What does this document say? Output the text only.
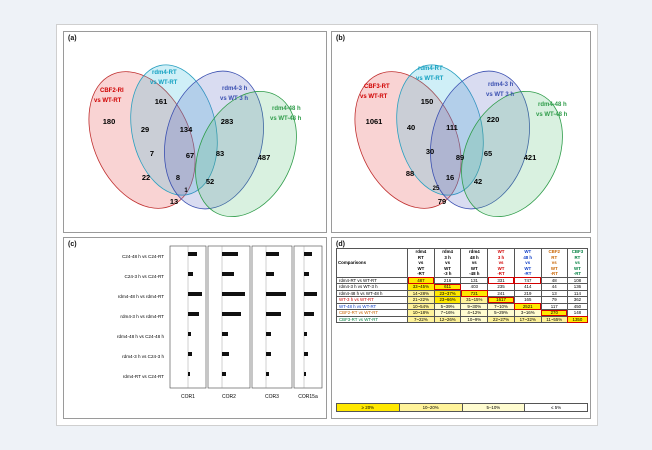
(a)
CBF2-RI
vs WT-RT
rdm4-RT
vs WT-RT
rdm4-3 h
vs WT 3 h
rdm4-48 h
vs WT-48 h
180
161
29	134
283
7	67	83	487
22	8	52
13
1
(b)
CBF3-RT
vs WT-RT
rdm4-RT
vs WT-RT
rdm4-3 h
vs WT 3 h
rdm4-48 h
vs WT-48 h
1061
150
40	111
220
30
89	65	421
88	16	42
79
25
(c)
C24-48 h vs C24-RT
C24-3 h vs C24-RT
rdm4-48 h vs rdm4-RT
rdm4-3 h vs rdm4-RT
rdm4-48 h vs C24-48 h
rdm4-3 h vs C24-3 h
rdm4-RT vs C24-RT
COR1	COR2	COR3	COR15a
(d)
Comparisons	rdm4
RT
vs
WT
-RT	rdm4
3 h
vs
WT
-3 h	rdm4
48 h
vs
WT
-48 h	WT
3 h
vs
WT
-RT	WT
48 h
vs
WT
-RT	CBF2
RT
vs
WT
-RT	CBF3
RT
vs
WT
-RT
rdm4-RT vs WT-RT	487	216	131	331	747	48	108
rdm4-3 h vs WT-3 h	33~45%	611	403	235	414	44	136
rdm4-48 h vs WT-48 h	14~28%	23~37%	721	241	219	13	114
WT-3 h vs WT-RT	21~22%	23~66%	31~15%	1617	165	79	362
WT-48 h vs WT-RT	10~54%	5~39%	9~30%	7~10%	2521	117	450
CBF2-RT vs WT-RT	10~18%	7~16%	4~12%	5~29%	3~16%	270	148
CBF3-RT vs WT-RT	7~22%	12~26%	10~9%	22~27%	17~32%	11~55%	1350
≥ 20%	10–20%	5–10%	≤ 5%
